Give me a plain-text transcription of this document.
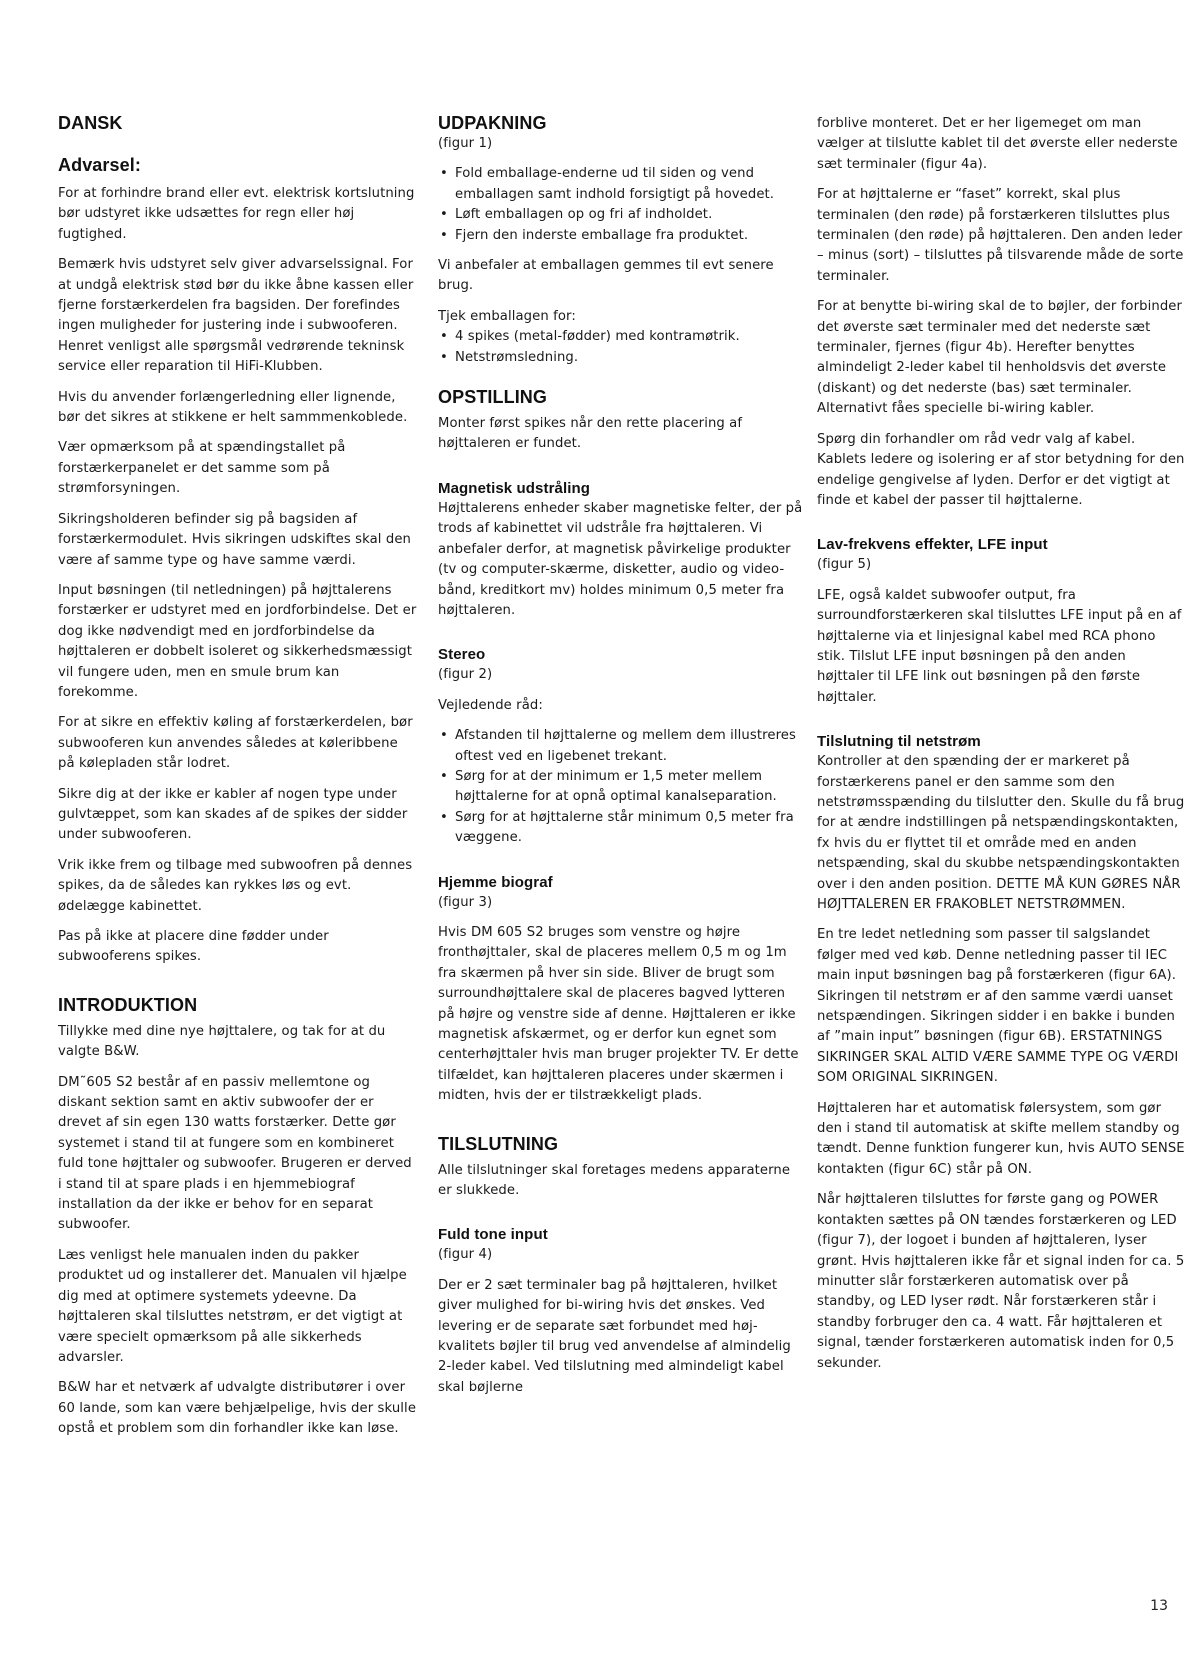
DANSK
Advarsel:

For at forhindre brand eller evt. elektrisk kortslutning bør udstyret ikke udsættes for regn eller høj fugtighed.

Bemærk hvis udstyret selv giver advarselssignal. For at undgå elektrisk stød bør du ikke åbne kassen eller fjerne forstærkerdelen fra bagsiden. Der forefindes ingen muligheder for justering inde i subwooferen. Henret venligst alle spørgsmål vedrørende tekninsk service eller reparation til HiFi-Klubben.

Hvis du anvender forlængerledning eller lignende, bør det sikres at stikkene er helt sammmenkoblede.

Vær opmærksom på at spændingstallet på forstærkerpanelet er det samme som på strømforsyningen.

Sikringsholderen befinder sig på bagsiden af forstærkermodulet. Hvis sikringen udskiftes skal den være af samme type og have samme værdi.

Input bøsningen (til netledningen) på højttalerens forstærker er udstyret med en jordforbindelse. Det er dog ikke nødvendigt med en jordforbindelse da højttaleren er dobbelt isoleret og sikkerhedsmæssigt vil fungere uden, men en smule brum kan forekomme.

For at sikre en effektiv køling af forstærkerdelen, bør subwooferen kun anvendes således at køleribbene på kølepladen står lodret.

Sikre dig at der ikke er kabler af nogen type under gulvtæppet, som kan skades af de spikes der sidder under subwooferen.

Vrik ikke frem og tilbage med subwoofren på dennes spikes, da de således kan rykkes løs og evt. ødelægge kabinettet.

Pas på ikke at placere dine fødder under subwooferens spikes.

INTRODUKTION

Tillykke med dine nye højttalere, og tak for at du valgte B&W.

DM˜605 S2 består af en passiv mellemtone og diskant sektion samt en aktiv subwoofer der er drevet af sin egen 130 watts forstærker. Dette gør systemet i stand til at fungere som en kombineret fuld tone højttaler og subwoofer. Brugeren er derved i stand til at spare plads i en hjemmebiograf installation da der ikke er behov for en separat subwoofer.

Læs venligst hele manualen inden du pakker produktet ud og installerer det. Manualen vil hjælpe dig med at optimere systemets ydeevne. Da højttaleren skal tilsluttes netstrøm, er det vigtigt at være specielt opmærksom på alle sikkerheds advarsler.

B&W har et netværk af udvalgte distributører i over 60 lande, som kan være behjælpelige, hvis der skulle opstå et problem som din forhandler ikke kan løse.

UDPAKNING

(figur 1)

• Fold emballage-enderne ud til siden og vend emballagen samt indhold forsigtigt på hovedet.
• Løft emballagen op og fri af indholdet.
• Fjern den inderste emballage fra produktet.

Vi anbefaler at emballagen gemmes til evt senere brug.

Tjek emballagen for:

• 4 spikes (metal-fødder) med kontramøtrik.
• Netstrømsledning.
OPSTILLING

Monter først spikes når den rette placering af højttaleren er fundet.

Magnetisk udstråling

Højttalerens enheder skaber magnetiske felter, der på trods af kabinettet vil udstråle fra højttaleren. Vi anbefaler derfor, at magnetisk påvirkelige produkter (tv og computer-skærme, disketter, audio og video-bånd, kreditkort mv) holdes minimum 0,5 meter fra højttaleren.

Stereo

(figur 2)

Vejledende råd:

• Afstanden til højttalerne og mellem dem illustreres oftest ved en ligebenet trekant.
• Sørg for at der minimum er 1,5 meter mellem højttalerne for at opnå optimal kanalseparation.
• Sørg for at højttalerne står minimum 0,5 meter fra væggene.
Hjemme biograf

(figur 3)

Hvis DM 605 S2 bruges som venstre og højre fronthøjttaler, skal de placeres mellem 0,5 m og 1m fra skærmen på hver sin side. Bliver de brugt som surroundhøjttalere skal de placeres bagved lytteren på højre og venstre side af denne. Højttaleren er ikke magnetisk afskærmet, og er derfor kun egnet som centerhøjttaler hvis man bruger projekter TV. Er dette tilfældet, kan højttaleren placeres under skærmen i midten, hvis der er tilstrækkeligt plads.

TILSLUTNING

Alle tilslutninger skal foretages medens apparaterne er slukkede.

Fuld tone input

(figur 4)

Der er 2 sæt terminaler bag på højttaleren, hvilket giver mulighed for bi-wiring hvis det ønskes. Ved levering er de separate sæt forbundet med høj-kvalitets bøjler til brug ved anvendelse af almindelig 2-leder kabel. Ved tilslutning med almindeligt kabel skal bøjlerne

forblive monteret. Det er her ligemeget om man vælger at tilslutte kablet til det øverste eller nederste sæt terminaler (figur 4a).

For at højttalerne er “faset” korrekt, skal plus terminalen (den røde) på forstærkeren tilsluttes plus terminalen (den røde) på højttaleren. Den anden leder – minus (sort) – tilsluttes på tilsvarende måde de sorte terminaler.

For at benytte bi-wiring skal de to bøjler, der forbinder det øverste sæt terminaler med det nederste sæt terminaler, fjernes (figur 4b). Herefter benyttes almindeligt 2-leder kabel til henholdsvis det øverste (diskant) og det nederste (bas) sæt terminaler. Alternativt fåes specielle bi-wiring kabler.

Spørg din forhandler om råd vedr valg af kabel. Kablets ledere og isolering er af stor betydning for den endelige gengivelse af lyden. Derfor er det vigtigt at finde et kabel der passer til højttalerne.

Lav-frekvens effekter, LFE input

(figur 5)

LFE, også kaldet subwoofer output, fra surroundforstærkeren skal tilsluttes LFE input på en af højttalerne via et linjesignal kabel med RCA phono stik. Tilslut LFE input bøsningen på den anden højttaler til LFE link out bøsningen på den første højttaler.

Tilslutning til netstrøm

Kontroller at den spænding der er markeret på forstærkerens panel er den samme som den netstrømsspænding du tilslutter den. Skulle du få brug for at ændre indstillingen på netspændingskontakten, fx hvis du er flyttet til et område med en anden netspænding, skal du skubbe netspændingskontakten over i den anden position. DETTE MÅ KUN GØRES NÅR HØJTTALEREN ER FRAKOBLET NETSTRØMMEN.

En tre ledet netledning som passer til salgslandet følger med ved køb. Denne netledning passer til IEC main input bøsningen bag på forstærkeren (figur 6A). Sikringen til netstrøm er af den samme værdi uanset netspændingen. Sikringen sidder i en bakke i bunden af ”main input” bøsningen (figur 6B). ERSTATNINGS SIKRINGER SKAL ALTID VÆRE SAMME TYPE OG VÆRDI SOM ORIGINAL SIKRINGEN.

Højttaleren har et automatisk følersystem, som gør den i stand til automatisk at skifte mellem standby og tændt. Denne funktion fungerer kun, hvis AUTO SENSE kontakten (figur 6C) står på ON.

Når højttaleren tilsluttes for første gang og POWER kontakten sættes på ON tændes forstærkeren og LED (figur 7), der logoet i bunden af højttaleren, lyser grønt. Hvis højttaleren ikke får et signal inden for ca. 5 minutter slår forstærkeren automatisk over på standby, og LED lyser rødt. Når forstærkeren står i standby forbruger den ca. 4 watt. Får højttaleren et signal, tænder forstærkeren automatisk inden for 0,5 sekunder.

13
